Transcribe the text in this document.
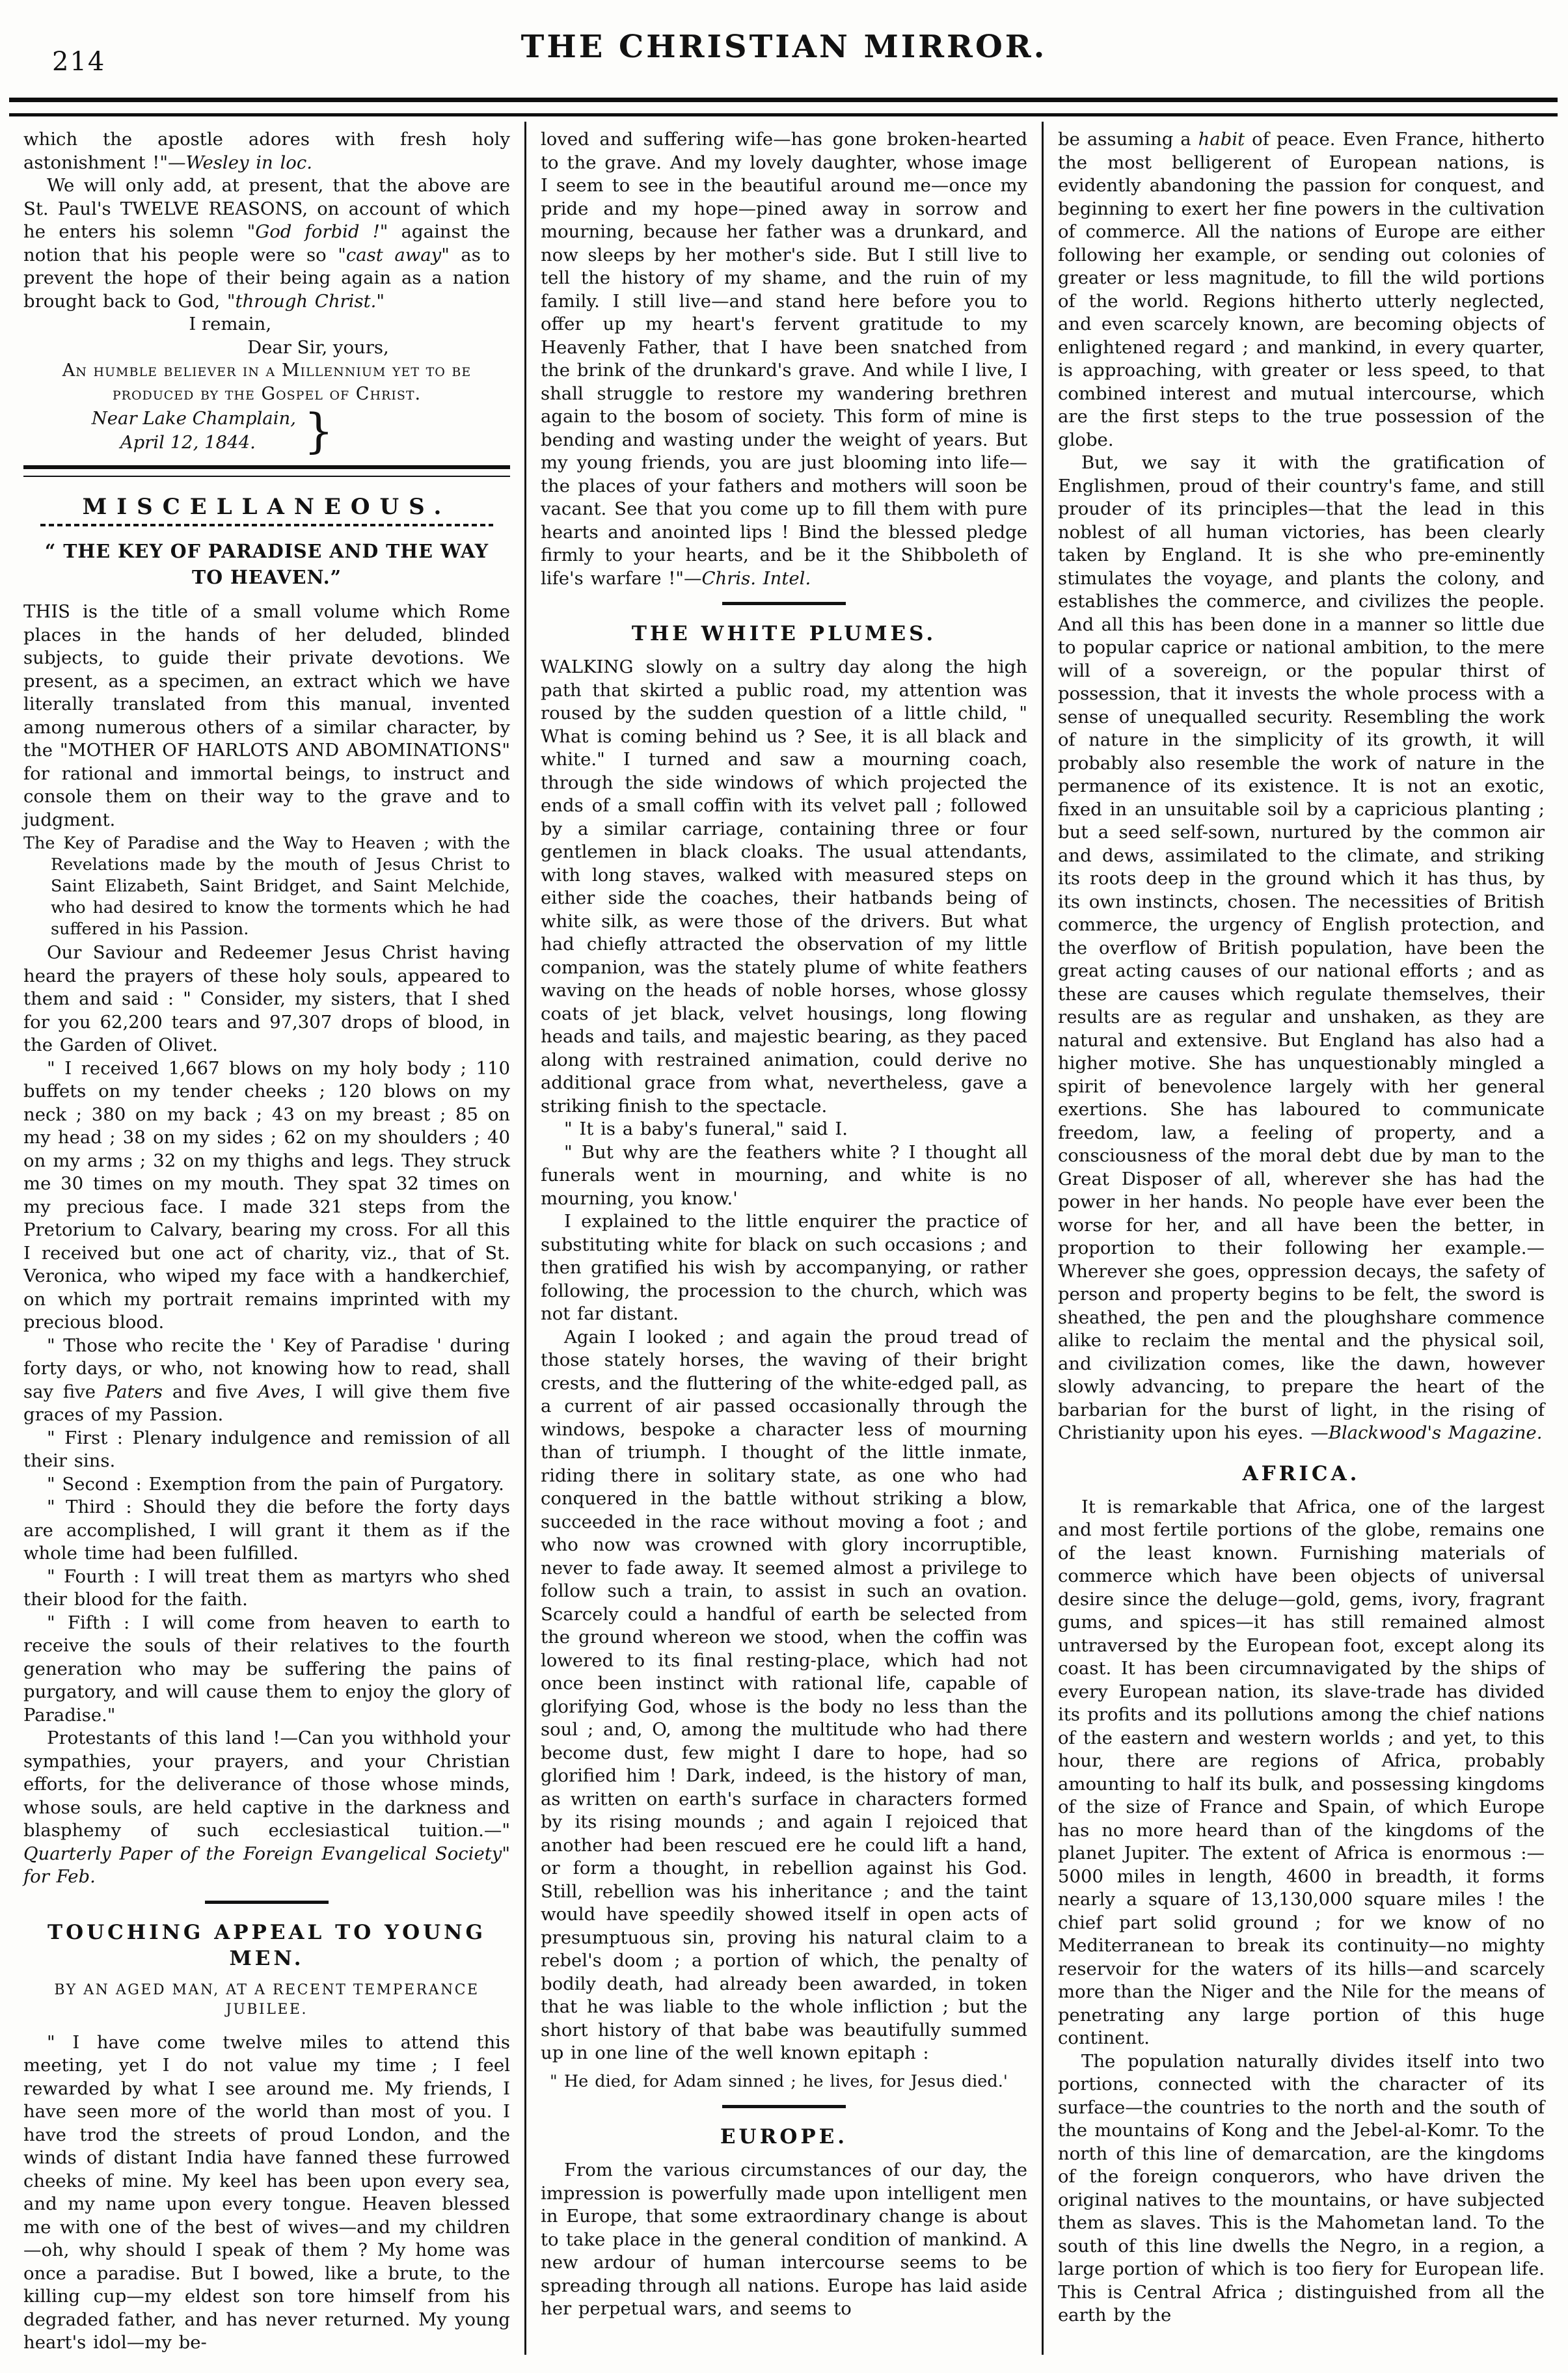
214	THE CHRISTIAN MIRROR.

which the apostle adores with fresh holy astonishment !"—Wesley in loc.

We will only add, at present, that the above are St. Paul's TWELVE REASONS, on account of which he enters his solemn "God forbid !" against the notion that his people were so "cast away" as to prevent the hope of their being again as a nation brought back to God, "through Christ."

I remain,

Dear Sir, yours,

An humble believer in a Millennium yet to be produced by the Gospel of Christ.

Near Lake Champlain,
April 12, 1844.	}

MISCELLANEOUS.

“ THE KEY OF PARADISE AND THE WAY TO HEAVEN.”

THIS is the title of a small volume which Rome places in the hands of her deluded, blinded subjects, to guide their private devotions. We present, as a specimen, an extract which we have literally translated from this manual, invented among numerous others of a similar character, by the "MOTHER OF HARLOTS AND ABOMINATIONS" for rational and immortal beings, to instruct and console them on their way to the grave and to judgment.

The Key of Paradise and the Way to Heaven ; with the Revelations made by the mouth of Jesus Christ to Saint Elizabeth, Saint Bridget, and Saint Melchide, who had desired to know the torments which he had suffered in his Passion.

Our Saviour and Redeemer Jesus Christ having heard the prayers of these holy souls, appeared to them and said : " Consider, my sisters, that I shed for you 62,200 tears and 97,307 drops of blood, in the Garden of Olivet.

" I received 1,667 blows on my holy body ; 110 buffets on my tender cheeks ; 120 blows on my neck ; 380 on my back ; 43 on my breast ; 85 on my head ; 38 on my sides ; 62 on my shoulders ; 40 on my arms ; 32 on my thighs and legs. They struck me 30 times on my mouth. They spat 32 times on my precious face. I made 321 steps from the Pretorium to Calvary, bearing my cross. For all this I received but one act of charity, viz., that of St. Veronica, who wiped my face with a handkerchief, on which my portrait remains imprinted with my precious blood.

" Those who recite the ' Key of Paradise ' during forty days, or who, not knowing how to read, shall say five Paters and five Aves, I will give them five graces of my Passion.

" First : Plenary indulgence and remission of all their sins.

" Second : Exemption from the pain of Purgatory.

" Third : Should they die before the forty days are accomplished, I will grant it them as if the whole time had been fulfilled.

" Fourth : I will treat them as martyrs who shed their blood for the faith.

" Fifth : I will come from heaven to earth to receive the souls of their relatives to the fourth generation who may be suffering the pains of purgatory, and will cause them to enjoy the glory of Paradise."

Protestants of this land !—Can you withhold your sympathies, your prayers, and your Christian efforts, for the deliverance of those whose minds, whose souls, are held captive in the darkness and blasphemy of such ecclesiastical tuition.—" Quarterly Paper of the Foreign Evangelical Society" for Feb.

TOUCHING APPEAL TO YOUNG MEN.

BY AN AGED MAN, AT A RECENT TEMPERANCE JUBILEE.

" I have come twelve miles to attend this meeting, yet I do not value my time ; I feel rewarded by what I see around me. My friends, I have seen more of the world than most of you. I have trod the streets of proud London, and the winds of distant India have fanned these furrowed cheeks of mine. My keel has been upon every sea, and my name upon every tongue. Heaven blessed me with one of the best of wives—and my children—oh, why should I speak of them ? My home was once a paradise. But I bowed, like a brute, to the killing cup—my eldest son tore himself from his degraded father, and has never returned. My young heart's idol—my be-

loved and suffering wife—has gone broken-hearted to the grave. And my lovely daughter, whose image I seem to see in the beautiful around me—once my pride and my hope—pined away in sorrow and mourning, because her father was a drunkard, and now sleeps by her mother's side. But I still live to tell the history of my shame, and the ruin of my family. I still live—and stand here before you to offer up my heart's fervent gratitude to my Heavenly Father, that I have been snatched from the brink of the drunkard's grave. And while I live, I shall struggle to restore my wandering brethren again to the bosom of society. This form of mine is bending and wasting under the weight of years. But my young friends, you are just blooming into life—the places of your fathers and mothers will soon be vacant. See that you come up to fill them with pure hearts and anointed lips ! Bind the blessed pledge firmly to your hearts, and be it the Shibboleth of life's warfare !"—Chris. Intel.

THE WHITE PLUMES.

WALKING slowly on a sultry day along the high path that skirted a public road, my attention was roused by the sudden question of a little child, " What is coming behind us ? See, it is all black and white." I turned and saw a mourning coach, through the side windows of which projected the ends of a small coffin with its velvet pall ; followed by a similar carriage, containing three or four gentlemen in black cloaks. The usual attendants, with long staves, walked with measured steps on either side the coaches, their hatbands being of white silk, as were those of the drivers. But what had chiefly attracted the observation of my little companion, was the stately plume of white feathers waving on the heads of noble horses, whose glossy coats of jet black, velvet housings, long flowing heads and tails, and majestic bearing, as they paced along with restrained animation, could derive no additional grace from what, nevertheless, gave a striking finish to the spectacle.

" It is a baby's funeral," said I.

" But why are the feathers white ? I thought all funerals went in mourning, and white is no mourning, you know.'

I explained to the little enquirer the practice of substituting white for black on such occasions ; and then gratified his wish by accompanying, or rather following, the procession to the church, which was not far distant.

Again I looked ; and again the proud tread of those stately horses, the waving of their bright crests, and the fluttering of the white-edged pall, as a current of air passed occasionally through the windows, bespoke a character less of mourning than of triumph. I thought of the little inmate, riding there in solitary state, as one who had conquered in the battle without striking a blow, succeeded in the race without moving a foot ; and who now was crowned with glory incorruptible, never to fade away. It seemed almost a privilege to follow such a train, to assist in such an ovation. Scarcely could a handful of earth be selected from the ground whereon we stood, when the coffin was lowered to its final resting-place, which had not once been instinct with rational life, capable of glorifying God, whose is the body no less than the soul ; and, O, among the multitude who had there become dust, few might I dare to hope, had so glorified him ! Dark, indeed, is the history of man, as written on earth's surface in characters formed by its rising mounds ; and again I rejoiced that another had been rescued ere he could lift a hand, or form a thought, in rebellion against his God. Still, rebellion was his inheritance ; and the taint would have speedily showed itself in open acts of presumptuous sin, proving his natural claim to a rebel's doom ; a portion of which, the penalty of bodily death, had already been awarded, in token that he was liable to the whole infliction ; but the short history of that babe was beautifully summed up in one line of the well known epitaph :

" He died, for Adam sinned ; he lives, for Jesus died.'

EUROPE.

From the various circumstances of our day, the impression is powerfully made upon intelligent men in Europe, that some extraordinary change is about to take place in the general condition of mankind. A new ardour of human intercourse seems to be spreading through all nations. Europe has laid aside her perpetual wars, and seems to

be assuming a habit of peace. Even France, hitherto the most belligerent of European nations, is evidently abandoning the passion for conquest, and beginning to exert her fine powers in the cultivation of commerce. All the nations of Europe are either following her example, or sending out colonies of greater or less magnitude, to fill the wild portions of the world. Regions hitherto utterly neglected, and even scarcely known, are becoming objects of enlightened regard ; and mankind, in every quarter, is approaching, with greater or less speed, to that combined interest and mutual intercourse, which are the first steps to the true possession of the globe.

But, we say it with the gratification of Englishmen, proud of their country's fame, and still prouder of its principles—that the lead in this noblest of all human victories, has been clearly taken by England. It is she who pre-eminently stimulates the voyage, and plants the colony, and establishes the commerce, and civilizes the people. And all this has been done in a manner so little due to popular caprice or national ambition, to the mere will of a sovereign, or the popular thirst of possession, that it invests the whole process with a sense of unequalled security. Resembling the work of nature in the simplicity of its growth, it will probably also resemble the work of nature in the permanence of its existence. It is not an exotic, fixed in an unsuitable soil by a capricious planting ; but a seed self-sown, nurtured by the common air and dews, assimilated to the climate, and striking its roots deep in the ground which it has thus, by its own instincts, chosen. The necessities of British commerce, the urgency of English protection, and the overflow of British population, have been the great acting causes of our national efforts ; and as these are causes which regulate themselves, their results are as regular and unshaken, as they are natural and extensive. But England has also had a higher motive. She has unquestionably mingled a spirit of benevolence largely with her general exertions. She has laboured to communicate freedom, law, a feeling of property, and a consciousness of the moral debt due by man to the Great Disposer of all, wherever she has had the power in her hands. No people have ever been the worse for her, and all have been the better, in proportion to their following her example.— Wherever she goes, oppression decays, the safety of person and property begins to be felt, the sword is sheathed, the pen and the ploughshare commence alike to reclaim the mental and the physical soil, and civilization comes, like the dawn, however slowly advancing, to prepare the heart of the barbarian for the burst of light, in the rising of Christianity upon his eyes. —Blackwood's Magazine.

AFRICA.

It is remarkable that Africa, one of the largest and most fertile portions of the globe, remains one of the least known. Furnishing materials of commerce which have been objects of universal desire since the deluge—gold, gems, ivory, fragrant gums, and spices—it has still remained almost untraversed by the European foot, except along its coast. It has been circumnavigated by the ships of every European nation, its slave-trade has divided its profits and its pollutions among the chief nations of the eastern and western worlds ; and yet, to this hour, there are regions of Africa, probably amounting to half its bulk, and possessing kingdoms of the size of France and Spain, of which Europe has no more heard than of the kingdoms of the planet Jupiter. The extent of Africa is enormous :—5000 miles in length, 4600 in breadth, it forms nearly a square of 13,130,000 square miles ! the chief part solid ground ; for we know of no Mediterranean to break its continuity—no mighty reservoir for the waters of its hills—and scarcely more than the Niger and the Nile for the means of penetrating any large portion of this huge continent.

The population naturally divides itself into two portions, connected with the character of its surface—the countries to the north and the south of the mountains of Kong and the Jebel-al-Komr. To the north of this line of demarcation, are the kingdoms of the foreign conquerors, who have driven the original natives to the mountains, or have subjected them as slaves. This is the Mahometan land. To the south of this line dwells the Negro, in a region, a large portion of which is too fiery for European life. This is Central Africa ; distinguished from all the earth by the
